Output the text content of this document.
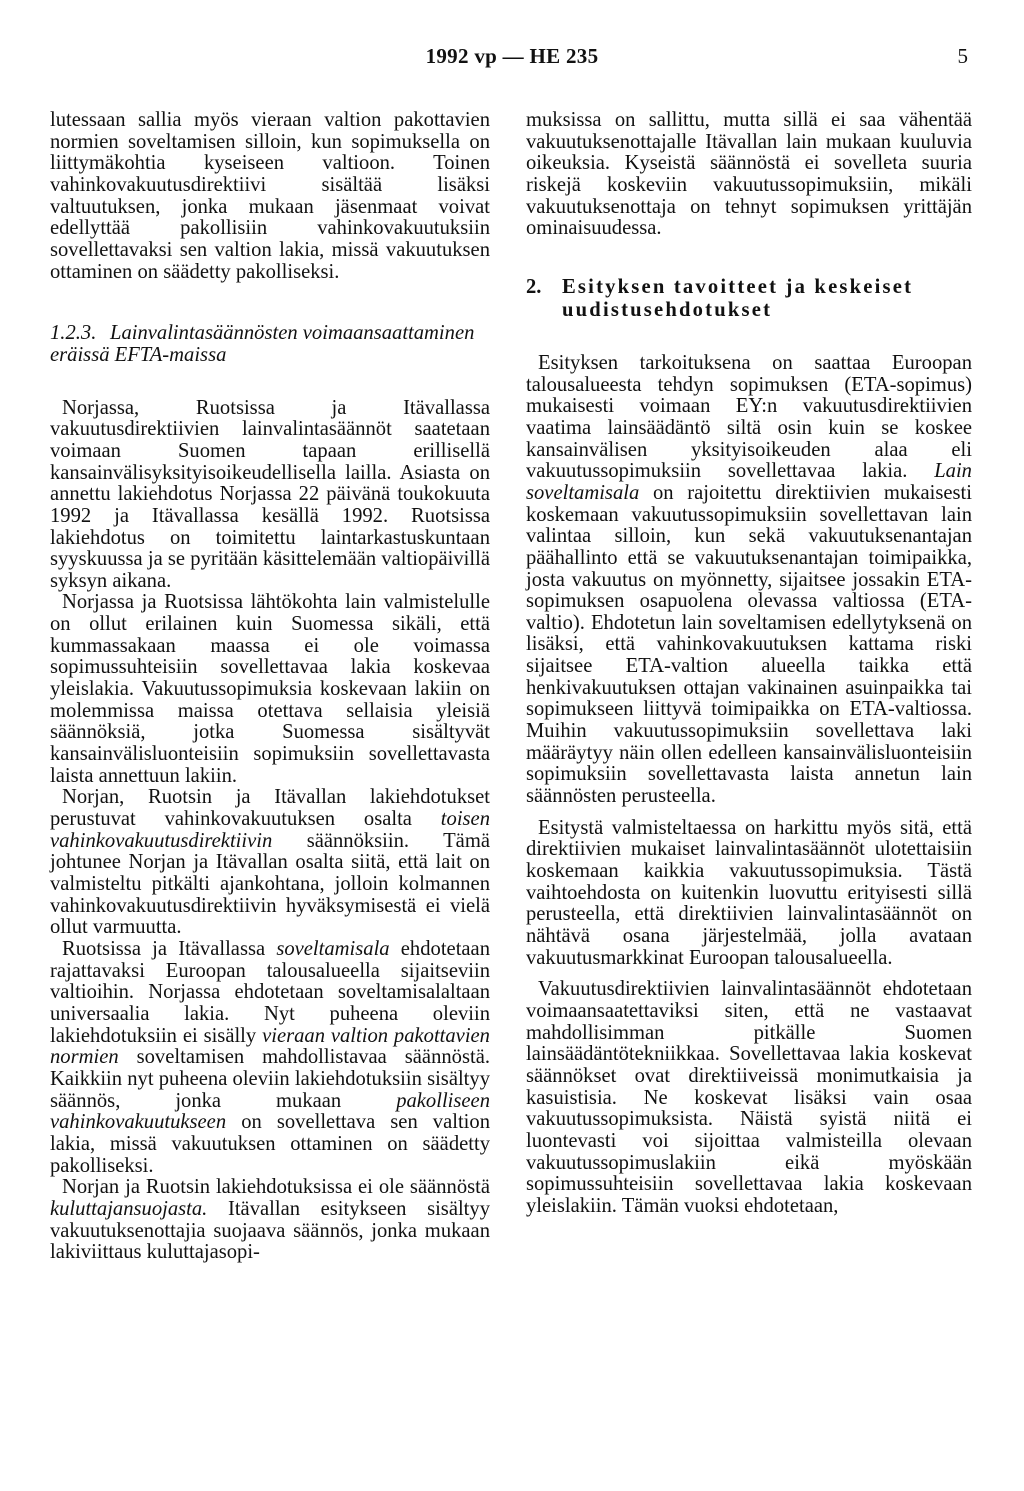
1992 vp — HE 235	5

lutessaan sallia myös vieraan valtion pakottavien normien soveltamisen silloin, kun sopimuksella on liittymäkohtia kyseiseen valtioon. Toinen vahinkovakuutusdirektiivi sisältää lisäksi valtuutuksen, jonka mukaan jäsenmaat voivat edellyttää pakollisiin vahinkovakuutuksiin sovellettavaksi sen valtion lakia, missä vakuutuksen ottaminen on säädetty pakolliseksi.

1.2.3. Lainvalintasäännösten voimaansaattaminen eräissä EFTA-maissa

Norjassa, Ruotsissa ja Itävallassa vakuutusdirektiivien lainvalintasäännöt saatetaan voimaan Suomen tapaan erillisellä kansainvälisyksityisoikeudellisella lailla. Asiasta on annettu lakiehdotus Norjassa 22 päivänä toukokuuta 1992 ja Itävallassa kesällä 1992. Ruotsissa lakiehdotus on toimitettu laintarkastuskuntaan syyskuussa ja se pyritään käsittelemään valtiopäivillä syksyn aikana.

Norjassa ja Ruotsissa lähtökohta lain valmistelulle on ollut erilainen kuin Suomessa sikäli, että kummassakaan maassa ei ole voimassa sopimussuhteisiin sovellettavaa lakia koskevaa yleislakia. Vakuutussopimuksia koskevaan lakiin on molemmissa maissa otettava sellaisia yleisiä säännöksiä, jotka Suomessa sisältyvät kansainvälisluonteisiin sopimuksiin sovellettavasta laista annettuun lakiin.

Norjan, Ruotsin ja Itävallan lakiehdotukset perustuvat vahinkovakuutuksen osalta toisen vahinkovakuutusdirektiivin säännöksiin. Tämä johtunee Norjan ja Itävallan osalta siitä, että lait on valmisteltu pitkälti ajankohtana, jolloin kolmannen vahinkovakuutusdirektiivin hyväksymisestä ei vielä ollut varmuutta.

Ruotsissa ja Itävallassa soveltamisala ehdotetaan rajattavaksi Euroopan talousalueella sijaitseviin valtioihin. Norjassa ehdotetaan soveltamisalaltaan universaalia lakia. Nyt puheena oleviin lakiehdotuksiin ei sisälly vieraan valtion pakottavien normien soveltamisen mahdollistavaa säännöstä. Kaikkiin nyt puheena oleviin lakiehdotuksiin sisältyy säännös, jonka mukaan	pakolliseen vahinkovakuutukseen on sovellettava sen valtion lakia, missä vakuutuksen ottaminen on säädetty pakolliseksi.

Norjan ja Ruotsin lakiehdotuksissa ei ole säännöstä kuluttajansuojasta. Itävallan esitykseen sisältyy vakuutuksenottajia suojaava säännös, jonka mukaan lakiviittaus kuluttajasopi-

muksissa on sallittu, mutta sillä ei saa vähentää vakuutuksenottajalle Itävallan lain mukaan kuuluvia oikeuksia. Kyseistä säännöstä ei sovelleta suuria riskejä koskeviin vakuutussopimuksiin, mikäli vakuutuksenottaja on tehnyt sopimuksen yrittäjän ominaisuudessa.

2. Esityksen tavoitteet ja keskeiset uudistusehdotukset

Esityksen tarkoituksena on saattaa Euroopan talousalueesta tehdyn sopimuksen (ETA-sopimus) mukaisesti voimaan EY:n vakuutusdirektiivien vaatima lainsäädäntö siltä osin kuin se koskee kansainvälisen yksityisoikeuden alaa eli vakuutussopimuksiin sovellettavaa lakia. Lain soveltamisala on rajoitettu direktiivien mukaisesti koskemaan vakuutussopimuksiin sovellettavan lain valintaa silloin, kun sekä vakuutuksenantajan päähallinto että se vakuutuksenantajan toimipaikka, josta vakuutus on myönnetty, sijaitsee jossakin ETA-sopimuksen osapuolena olevassa valtiossa (ETA-valtio). Ehdotetun lain soveltamisen edellytyksenä on lisäksi, että vahinkovakuutuksen kattama riski sijaitsee ETA-valtion alueella taikka että henkivakuutuksen ottajan vakinainen asuinpaikka tai sopimukseen liittyvä toimipaikka on ETA-valtiossa. Muihin vakuutussopimuksiin sovellettava laki määräytyy näin ollen edelleen kansainvälisluonteisiin sopimuksiin sovellettavasta laista annetun lain säännösten perusteella.

Esitystä valmisteltaessa on harkittu myös sitä, että direktiivien mukaiset lainvalintasäännöt ulotettaisiin koskemaan kaikkia vakuutussopimuksia. Tästä vaihtoehdosta on kuitenkin luovuttu erityisesti sillä perusteella, että direktiivien lainvalintasäännöt on nähtävä osana järjestelmää, jolla avataan vakuutusmarkkinat Euroopan talousalueella.

Vakuutusdirektiivien lainvalintasäännöt ehdotetaan voimaansaatettaviksi siten, että ne vastaavat mahdollisimman pitkälle Suomen lainsäädäntötekniikkaa. Sovellettavaa lakia koskevat säännökset ovat direktiiveissä monimutkaisia ja kasuistisia. Ne koskevat lisäksi vain osaa vakuutussopimuksista. Näistä syistä niitä ei luontevasti voi sijoittaa valmisteilla olevaan vakuutussopimuslakiin eikä myöskään sopimussuhteisiin sovellettavaa lakia koskevaan yleislakiin. Tämän vuoksi ehdotetaan,
